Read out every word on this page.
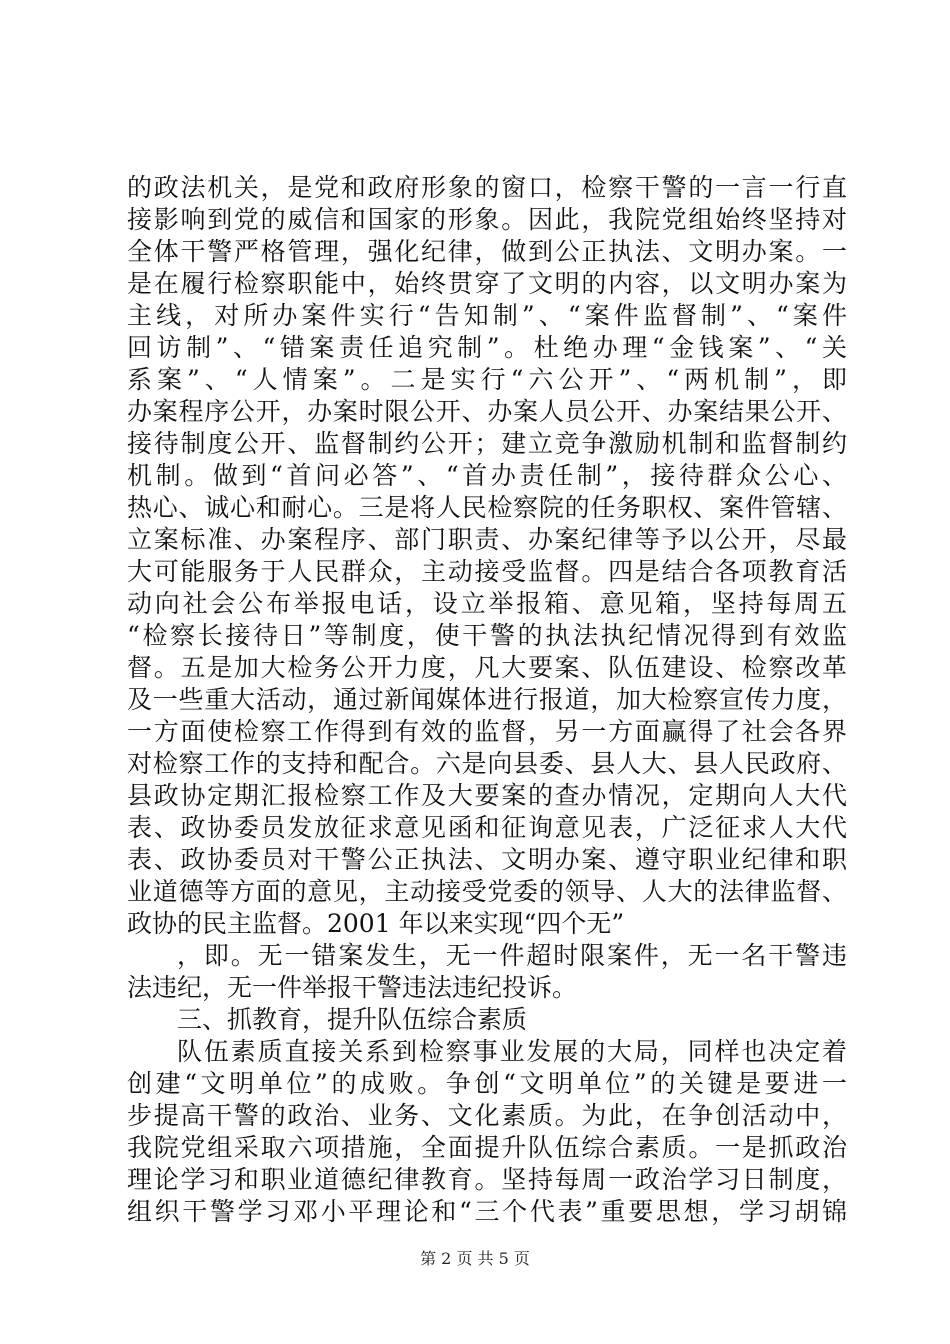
的政法机关，是党和政府形象的窗口，检察干警的一言一行直
接影响到党的威信和国家的形象。因此，我院党组始终坚持对
全体干警严格管理，强化纪律，做到公正执法、文明办案。一
是在履行检察职能中，始终贯穿了文明的内容，以文明办案为
主线，对所办案件实行“告知制”、“案件监督制”、“案件
回访制”、“错案责任追究制”。杜绝办理“金钱案”、“关
系案”、“人情案”。二是实行“六公开”、“两机制”，即
办案程序公开，办案时限公开、办案人员公开、办案结果公开、
接待制度公开、监督制约公开；建立竞争激励机制和监督制约
机制。做到“首问必答”、“首办责任制”，接待群众公心、
热心、诚心和耐心。三是将人民检察院的任务职权、案件管辖、
立案标准、办案程序、部门职责、办案纪律等予以公开，尽最
大可能服务于人民群众，主动接受监督。四是结合各项教育活
动向社会公布举报电话，设立举报箱、意见箱，坚持每周五
“检察长接待日”等制度，使干警的执法执纪情况得到有效监
督。五是加大检务公开力度，凡大要案、队伍建设、检察改革
及一些重大活动，通过新闻媒体进行报道，加大检察宣传力度，
一方面使检察工作得到有效的监督，另一方面赢得了社会各界
对检察工作的支持和配合。六是向县委、县人大、县人民政府、
县政协定期汇报检察工作及大要案的查办情况，定期向人大代
表、政协委员发放征求意见函和征询意见表，广泛征求人大代
表、政协委员对干警公正执法、文明办案、遵守职业纪律和职
业道德等方面的意见，主动接受党委的领导、人大的法律监督、
政协的民主监督。2001 年以来实现“四个无”
，即。无一错案发生，无一件超时限案件，无一名干警违
法违纪，无一件举报干警违法违纪投诉。
三、抓教育，提升队伍综合素质
队伍素质直接关系到检察事业发展的大局，同样也决定着
创建“文明单位”的成败。争创“文明单位”的关键是要进一
步提高干警的政治、业务、文化素质。为此，在争创活动中，
我院党组采取六项措施，全面提升队伍综合素质。一是抓政治
理论学习和职业道德纪律教育。坚持每周一政治学习日制度，
组织干警学习邓小平理论和“三个代表”重要思想，学习胡锦
第 2 页 共 5 页
